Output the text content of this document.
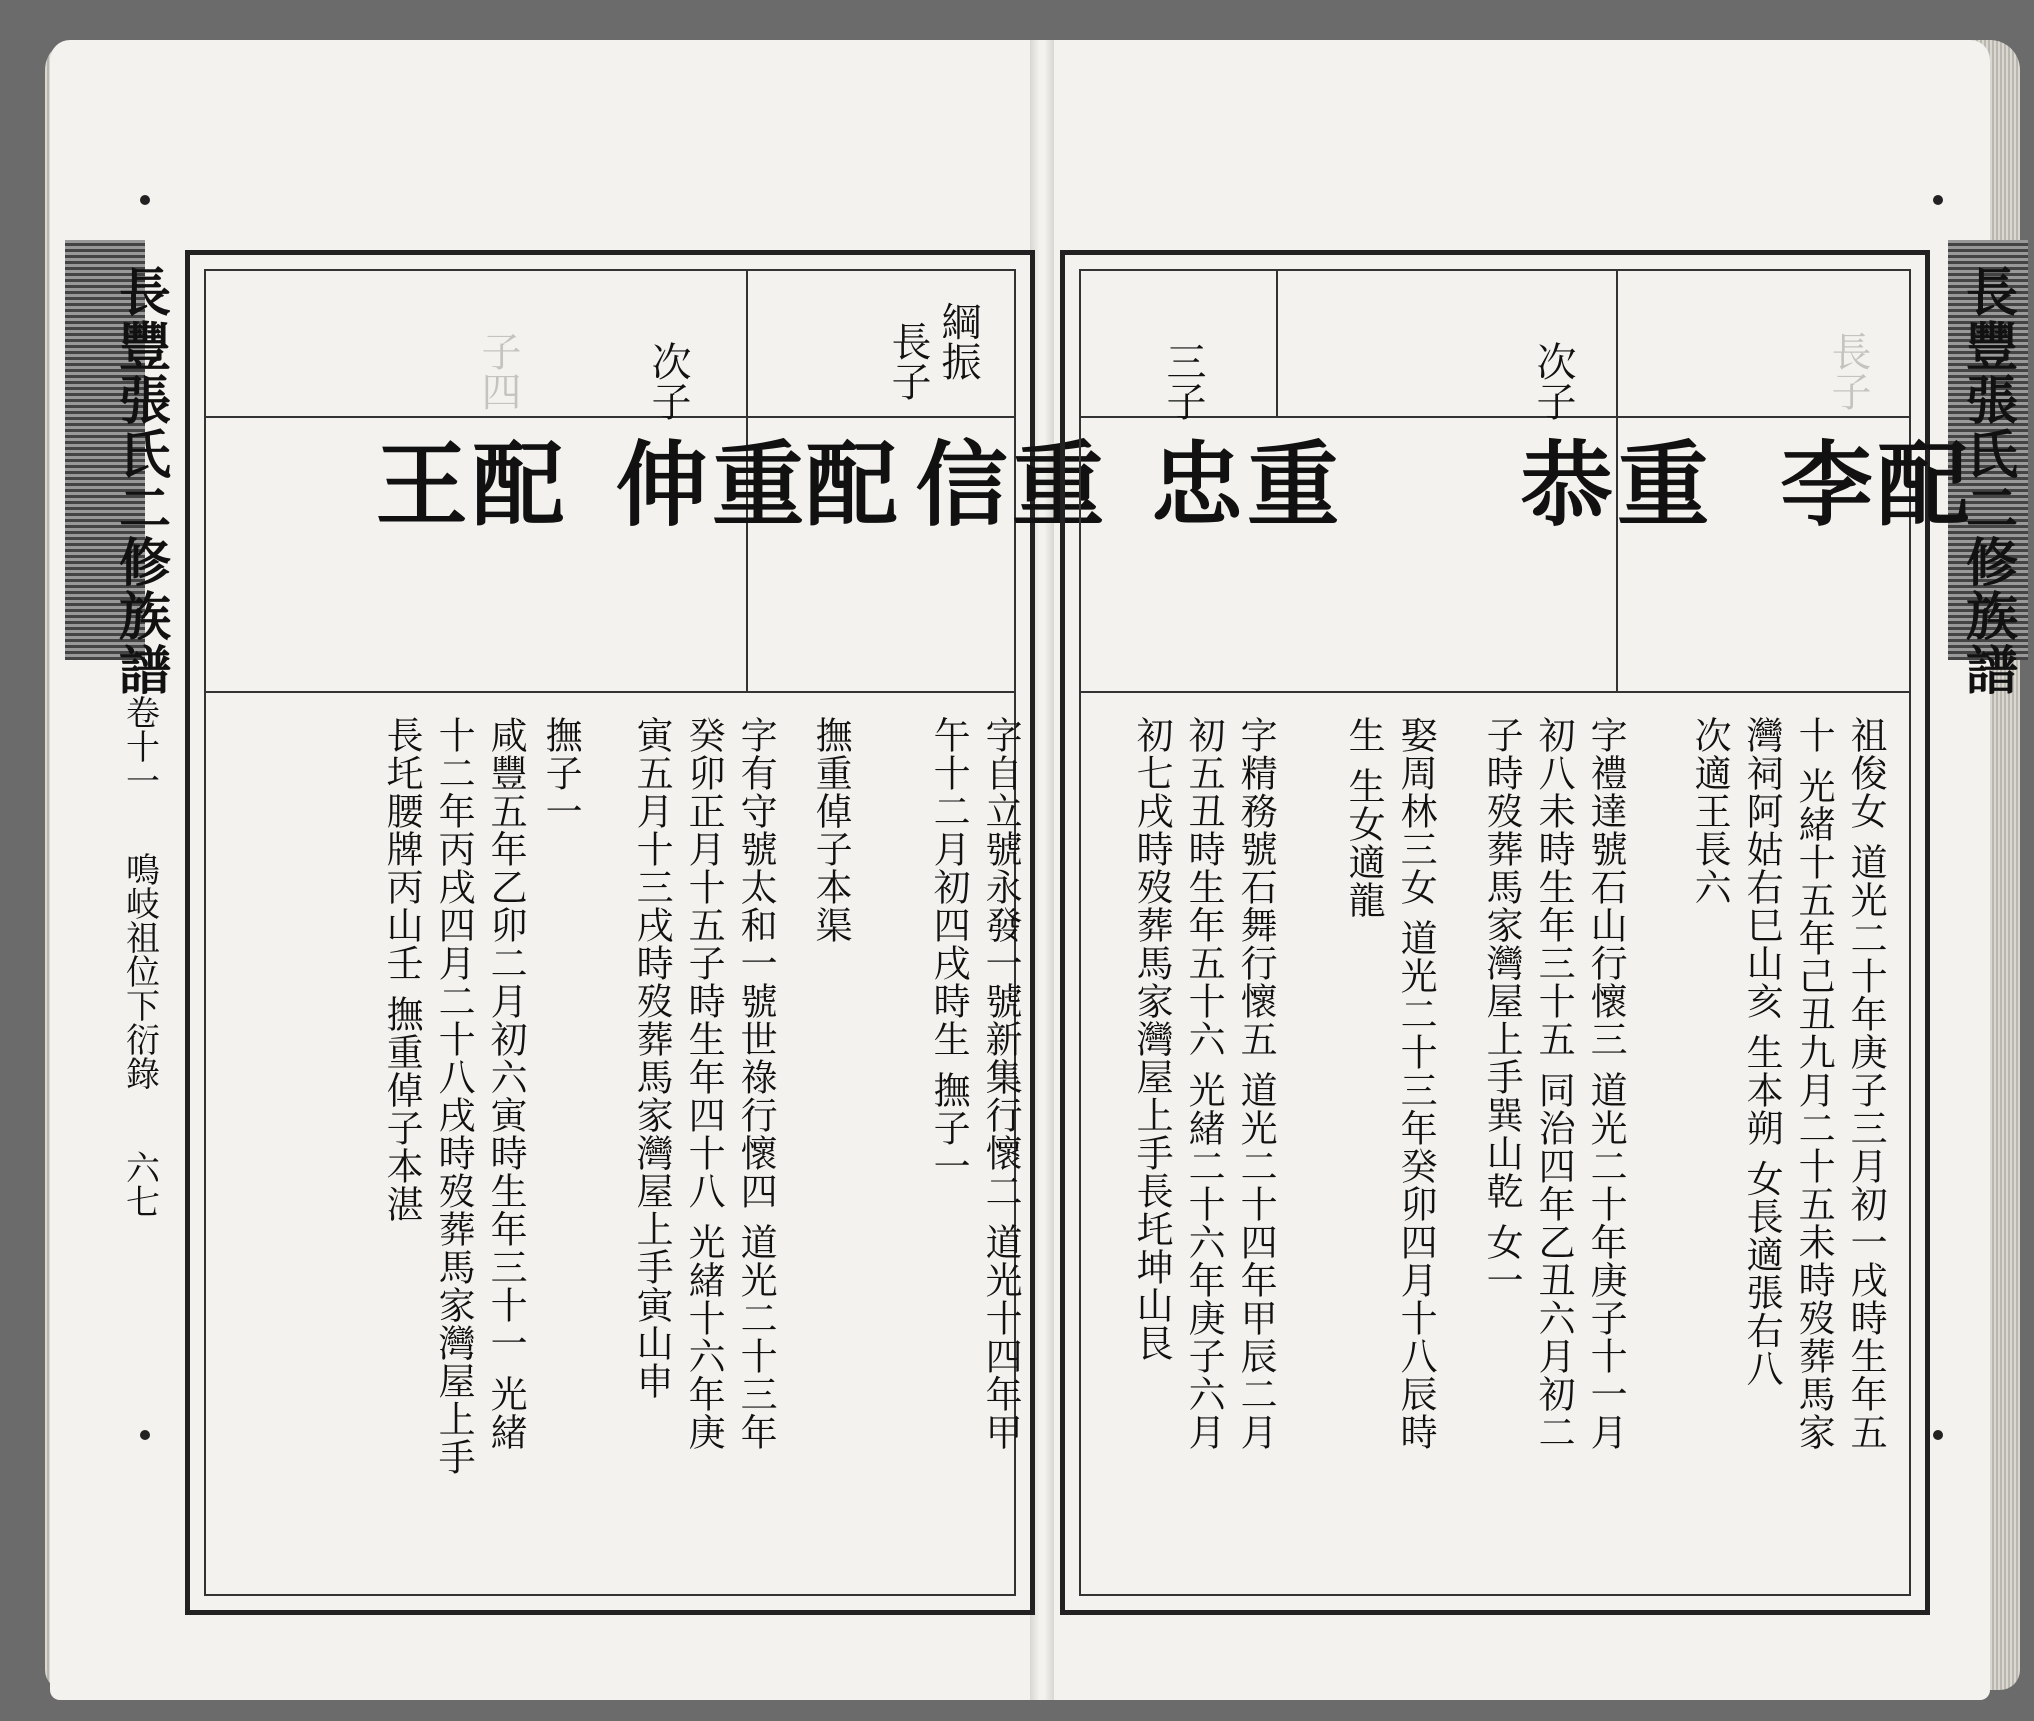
長豐張氏二修族譜
卷十一
鳴岐祖位下衍錄
六七
長豐張氏二修族譜
綱振
長子
次子
子四
重
信
配
重
伸
配
王
字自立號永發一號新集行懷二 道光十四年甲
午十二月初四戌時生 撫子一
撫重倬子本渠
字有守號太和一號世祿行懷四 道光二十三年
癸卯正月十五子時生年四十八 光緒十六年庚
寅五月十三戌時歿葬馬家灣屋上手寅山申
撫子一
咸豐五年乙卯二月初六寅時生年三十一 光緒
十二年丙戌四月二十八戌時歿葬馬家灣屋上手
長圫腰牌丙山壬 撫重倬子本湛
長子
次子
三子
配
李
重
恭
重
忠
祖俊女 道光二十年庚子三月初一戌時生年五
十 光緒十五年己丑九月二十五未時歿葬馬家
灣祠阿姑右巳山亥 生本朔 女長適張右八
次適王長六
字禮達號石山行懷三 道光二十年庚子十一月
初八未時生年三十五 同治四年乙丑六月初二
子時歿葬馬家灣屋上手巽山乾 女一
娶周林三女 道光二十三年癸卯四月十八辰時
生 生女適龍
字精務號石舞行懷五 道光二十四年甲辰二月
初五丑時生年五十六 光緒二十六年庚子六月
初七戌時歿葬馬家灣屋上手長圫坤山艮
